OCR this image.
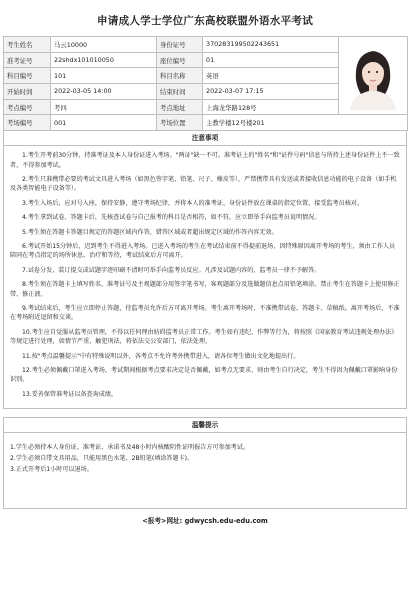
申请成人学士学位广东高校联盟外语水平考试
考生姓名	马云10000	身份证号	370283199502243651	
准考证号	22shdx101010050	座位编号	01	
科目编号	101	科目名称	英语	
开始时间	2022-03-05 14:00	结束时间	2022-03-07 17:15	
考点编号	考四	考点地址	上海龙华路128号	
考场编号	001	考场位置	主教学楼12号楼201	
注意事项

1.考生开考前30分钟，持准考证及本人身份证进入考场。"两证"缺一不可。准考证上的"姓名"和"证件号码"信息与所持上述身份证件上不一致者，不得参加考试。

2.考生只准携带必要的考试文具进入考场（如黑色签字笔、铅笔、尺子、橡皮等），严禁携带具有发送或者接收信息功能的电子设备（如手机及各类智能电子设备等）。

3.考生入场后，应对号入座，保持安静，遵守考场纪律，并将本人的准考证、身份证件放在课桌的指定位置，接受监考员核对。

4.考生拿到试卷、答题卡后，先核查试卷与自己报考的科目是否相符，如不符，应立即举手向监考员说明情况。

5.考生须在答题卡答题目规定的答题区域内作答，错答区域或者超出规定区域的作答内容无效。

6.考试开始15分钟后，迟到考生不得进入考场。已进入考场的考生在考试结束前不得提前退场，因特殊原因离开考场的考生，须由工作人员陪同在考点指定的场所休息、治疗和等待，考试结束后方可离开。

7.试卷分发、装订提交或试题字迹印刷不清时可举手向监考员反应。凡涉及试题内容的，监考员一律不予解答。

8.考生须在答题卡上填写姓名、准考证号及主观题部分用签字笔书写，客观题部分及选做题信息点用铅笔填涂。禁止考生在答题卡上使用修正带、修正液。

9.考试结束后，考生应立即停止答题，待监考员允许后方可离开考场。考生离开考场时，不准携带试卷、答题卡、草稿纸。离开考场后，不准在考场附近逗留和交谈。

10.考生应自觉服从监考员管理，不得以任何理由妨碍监考员正常工作。考生如有违纪、作弊等行为，将按照《国家教育考试违规处理办法》等规定进行处理，如情节严重，触犯刑法，将依法交公安部门，依法处理。

11.按"考点温馨提示"中有特殊说明以外，各考点不允许考外携带进入，请各位考生做出文化地提出行。

12.考生必须佩戴口罩进入考场，考试期间根据考点要求决定是否佩戴，如考点无要求，则由考生自行决定，考生不得因为佩戴口罩影响身份识别。

13.妥善保管准考证以备查询成绩。

温馨提示
1.学生必须持本人身份证、准考证、承诺书及48小时内核酸阴性证明报告方可参加考试。
2.学生必须自带文具用品，只能用黑色水笔、2B铅笔(填涂答题卡)。
3.正式开考后1小时可以退场。
<报考>网址: gdwycsh.edu-edu.com
